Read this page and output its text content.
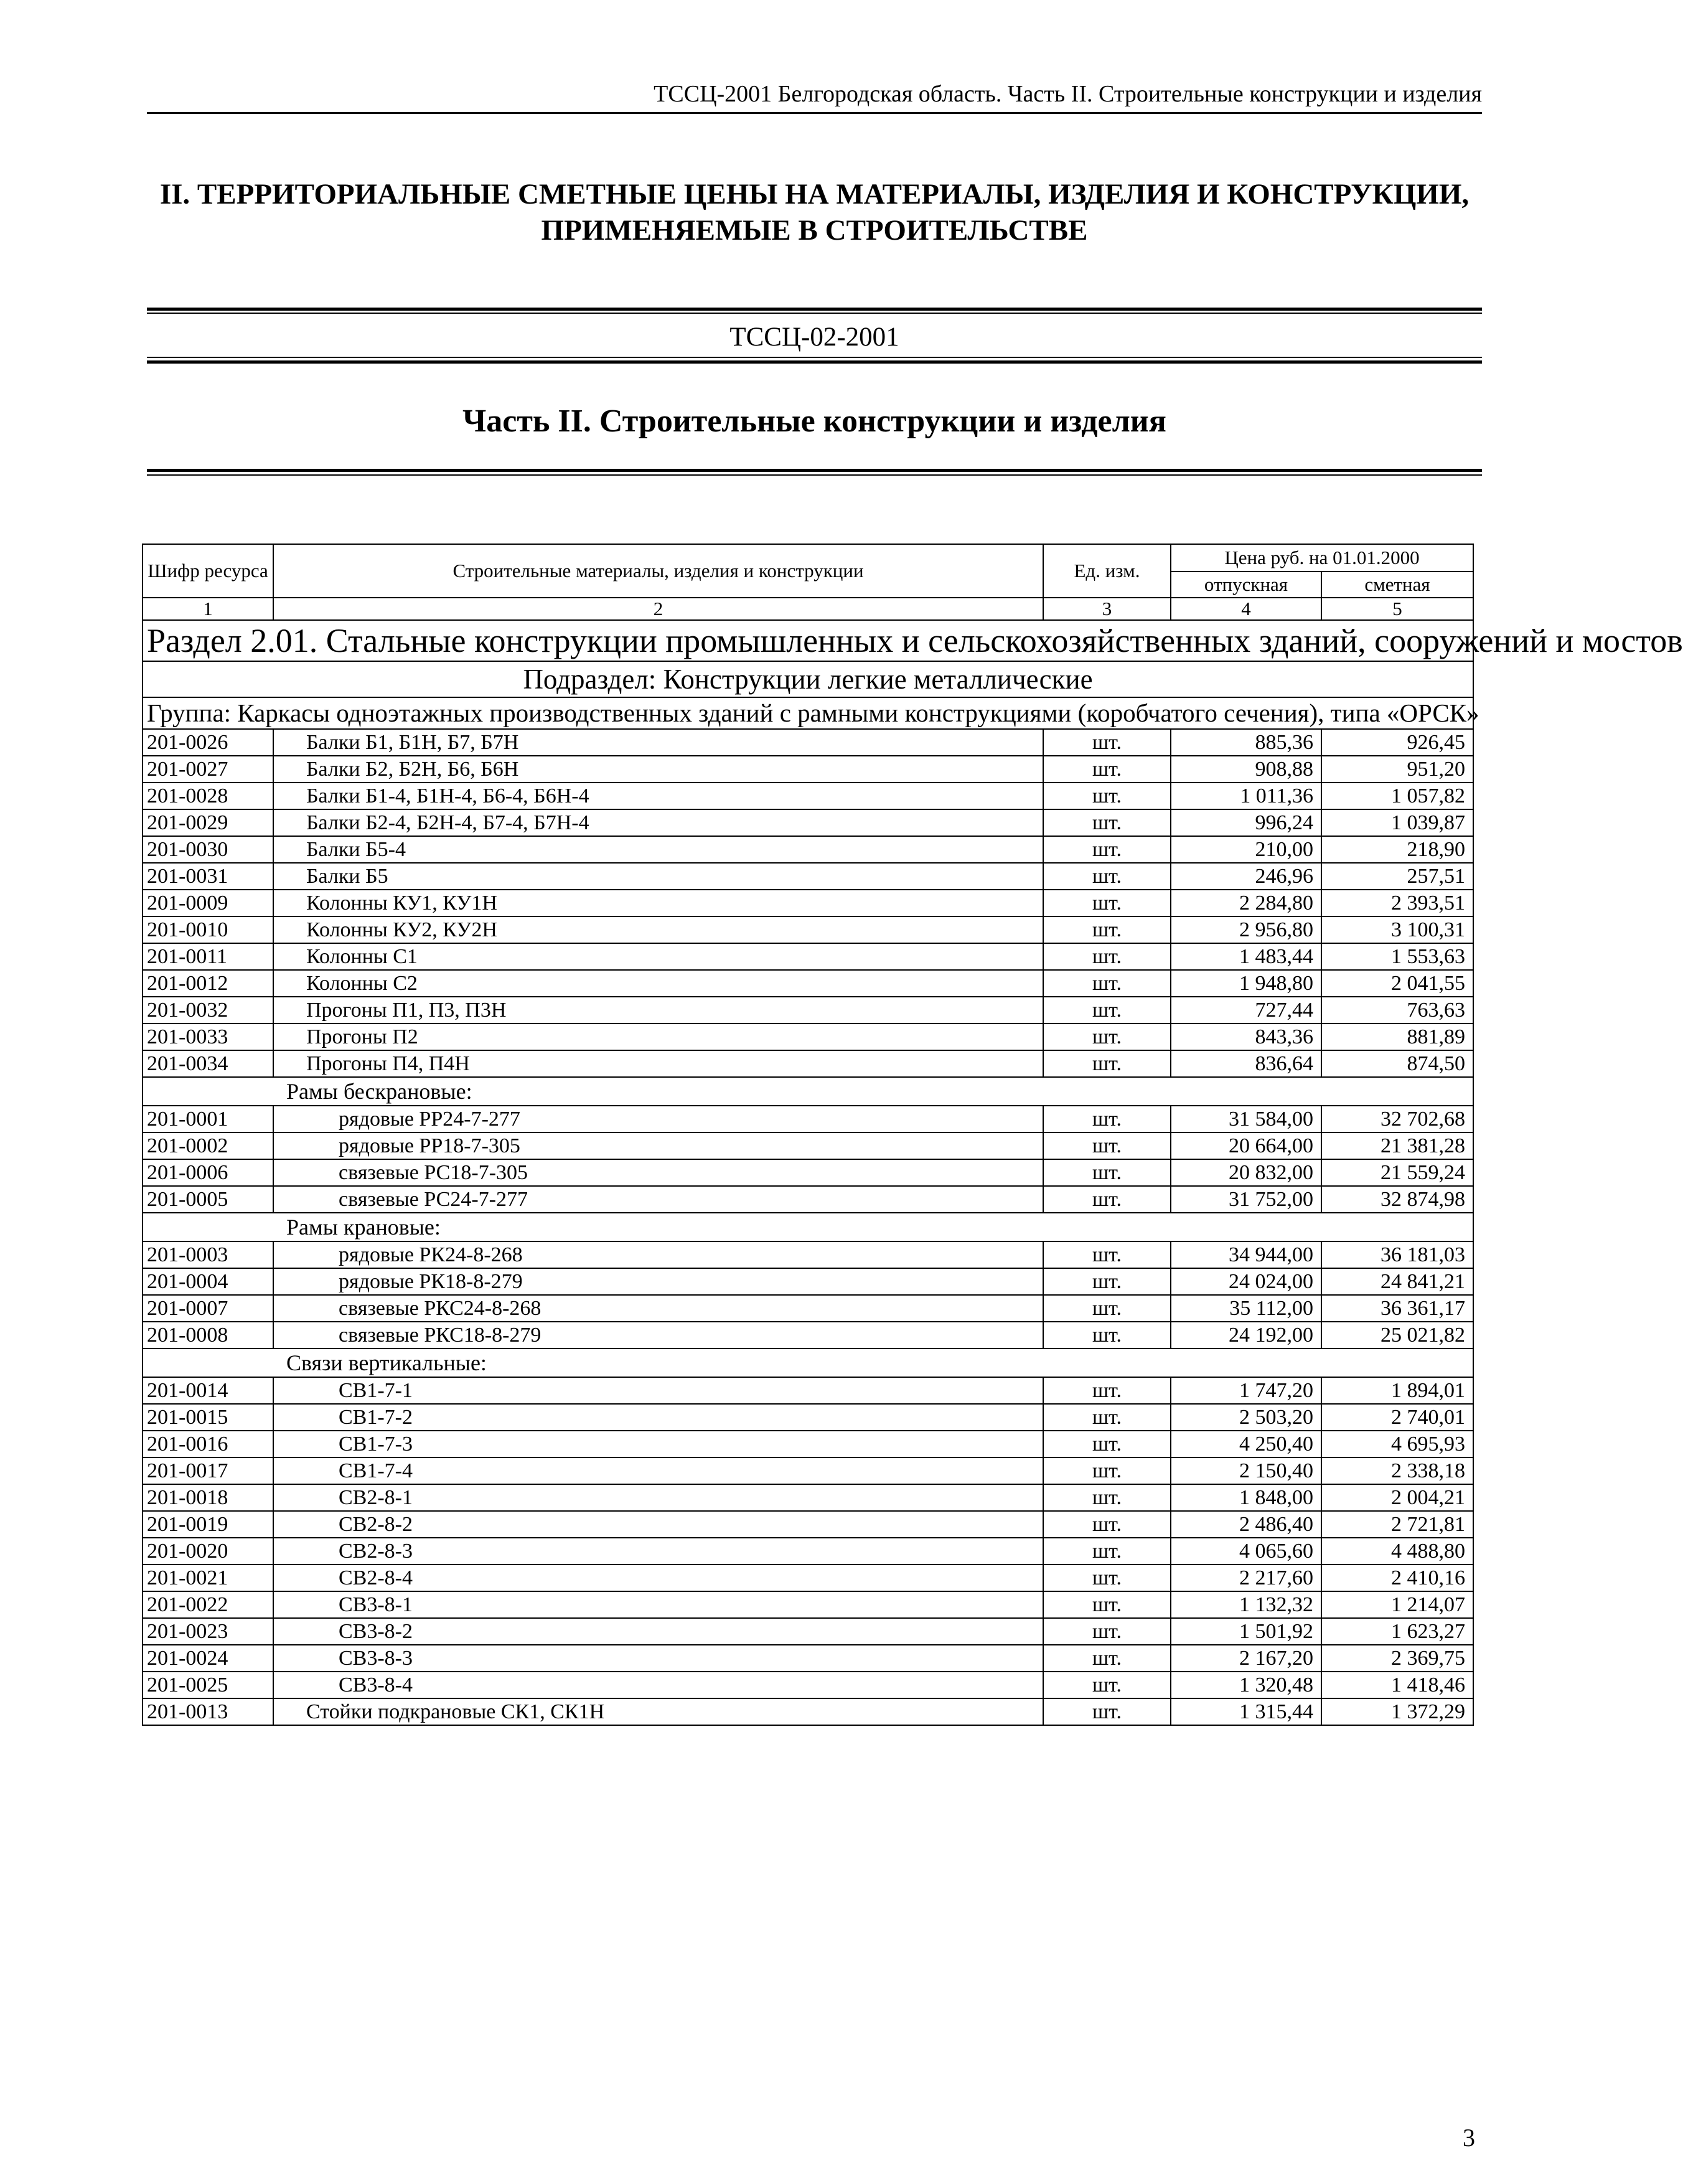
ТССЦ-2001 Белгородская область. Часть II. Строительные конструкции и изделия
II. ТЕРРИТОРИАЛЬНЫЕ СМЕТНЫЕ ЦЕНЫ НА МАТЕРИАЛЫ, ИЗДЕЛИЯ И КОНСТРУКЦИИ, ПРИМЕНЯЕМЫЕ В СТРОИТЕЛЬСТВЕ
ТССЦ-02-2001
Часть II. Строительные конструкции и изделия
Шифр ресурса	Строительные материалы, изделия и конструкции	Ед. изм.	Цена руб. на 01.01.2000	
			отпускная	сметная
1	2	3	4	5
Раздел 2.01. Стальные конструкции промышленных и сельскохозяйственных зданий, сооружений и мостов				
Подраздел: Конструкции легкие металлические				
Группа: Каркасы одноэтажных производственных зданий с рамными конструкциями (коробчатого сечения), типа «ОРСК»				
201-0026	Балки Б1, Б1Н, Б7, Б7Н	шт.	885,36	926,45
201-0027	Балки Б2, Б2Н, Б6, Б6Н	шт.	908,88	951,20
201-0028	Балки Б1-4, Б1Н-4, Б6-4, Б6Н-4	шт.	1 011,36	1 057,82
201-0029	Балки Б2-4, Б2Н-4, Б7-4, Б7Н-4	шт.	996,24	1 039,87
201-0030	Балки Б5-4	шт.	210,00	218,90
201-0031	Балки Б5	шт.	246,96	257,51
201-0009	Колонны КУ1, КУ1Н	шт.	2 284,80	2 393,51
201-0010	Колонны КУ2, КУ2Н	шт.	2 956,80	3 100,31
201-0011	Колонны С1	шт.	1 483,44	1 553,63
201-0012	Колонны С2	шт.	1 948,80	2 041,55
201-0032	Прогоны П1, П3, П3Н	шт.	727,44	763,63
201-0033	Прогоны П2	шт.	843,36	881,89
201-0034	Прогоны П4, П4Н	шт.	836,64	874,50
Рамы бескрановые:				
201-0001	рядовые РР24-7-277	шт.	31 584,00	32 702,68
201-0002	рядовые РР18-7-305	шт.	20 664,00	21 381,28
201-0006	связевые РС18-7-305	шт.	20 832,00	21 559,24
201-0005	связевые РС24-7-277	шт.	31 752,00	32 874,98
Рамы крановые:				
201-0003	рядовые РК24-8-268	шт.	34 944,00	36 181,03
201-0004	рядовые РК18-8-279	шт.	24 024,00	24 841,21
201-0007	связевые РКС24-8-268	шт.	35 112,00	36 361,17
201-0008	связевые РКС18-8-279	шт.	24 192,00	25 021,82
Связи вертикальные:				
201-0014	СВ1-7-1	шт.	1 747,20	1 894,01
201-0015	СВ1-7-2	шт.	2 503,20	2 740,01
201-0016	СВ1-7-3	шт.	4 250,40	4 695,93
201-0017	СВ1-7-4	шт.	2 150,40	2 338,18
201-0018	СВ2-8-1	шт.	1 848,00	2 004,21
201-0019	СВ2-8-2	шт.	2 486,40	2 721,81
201-0020	СВ2-8-3	шт.	4 065,60	4 488,80
201-0021	СВ2-8-4	шт.	2 217,60	2 410,16
201-0022	СВ3-8-1	шт.	1 132,32	1 214,07
201-0023	СВ3-8-2	шт.	1 501,92	1 623,27
201-0024	СВ3-8-3	шт.	2 167,20	2 369,75
201-0025	СВ3-8-4	шт.	1 320,48	1 418,46
201-0013	Стойки подкрановые СК1, СК1Н	шт.	1 315,44	1 372,29
3
